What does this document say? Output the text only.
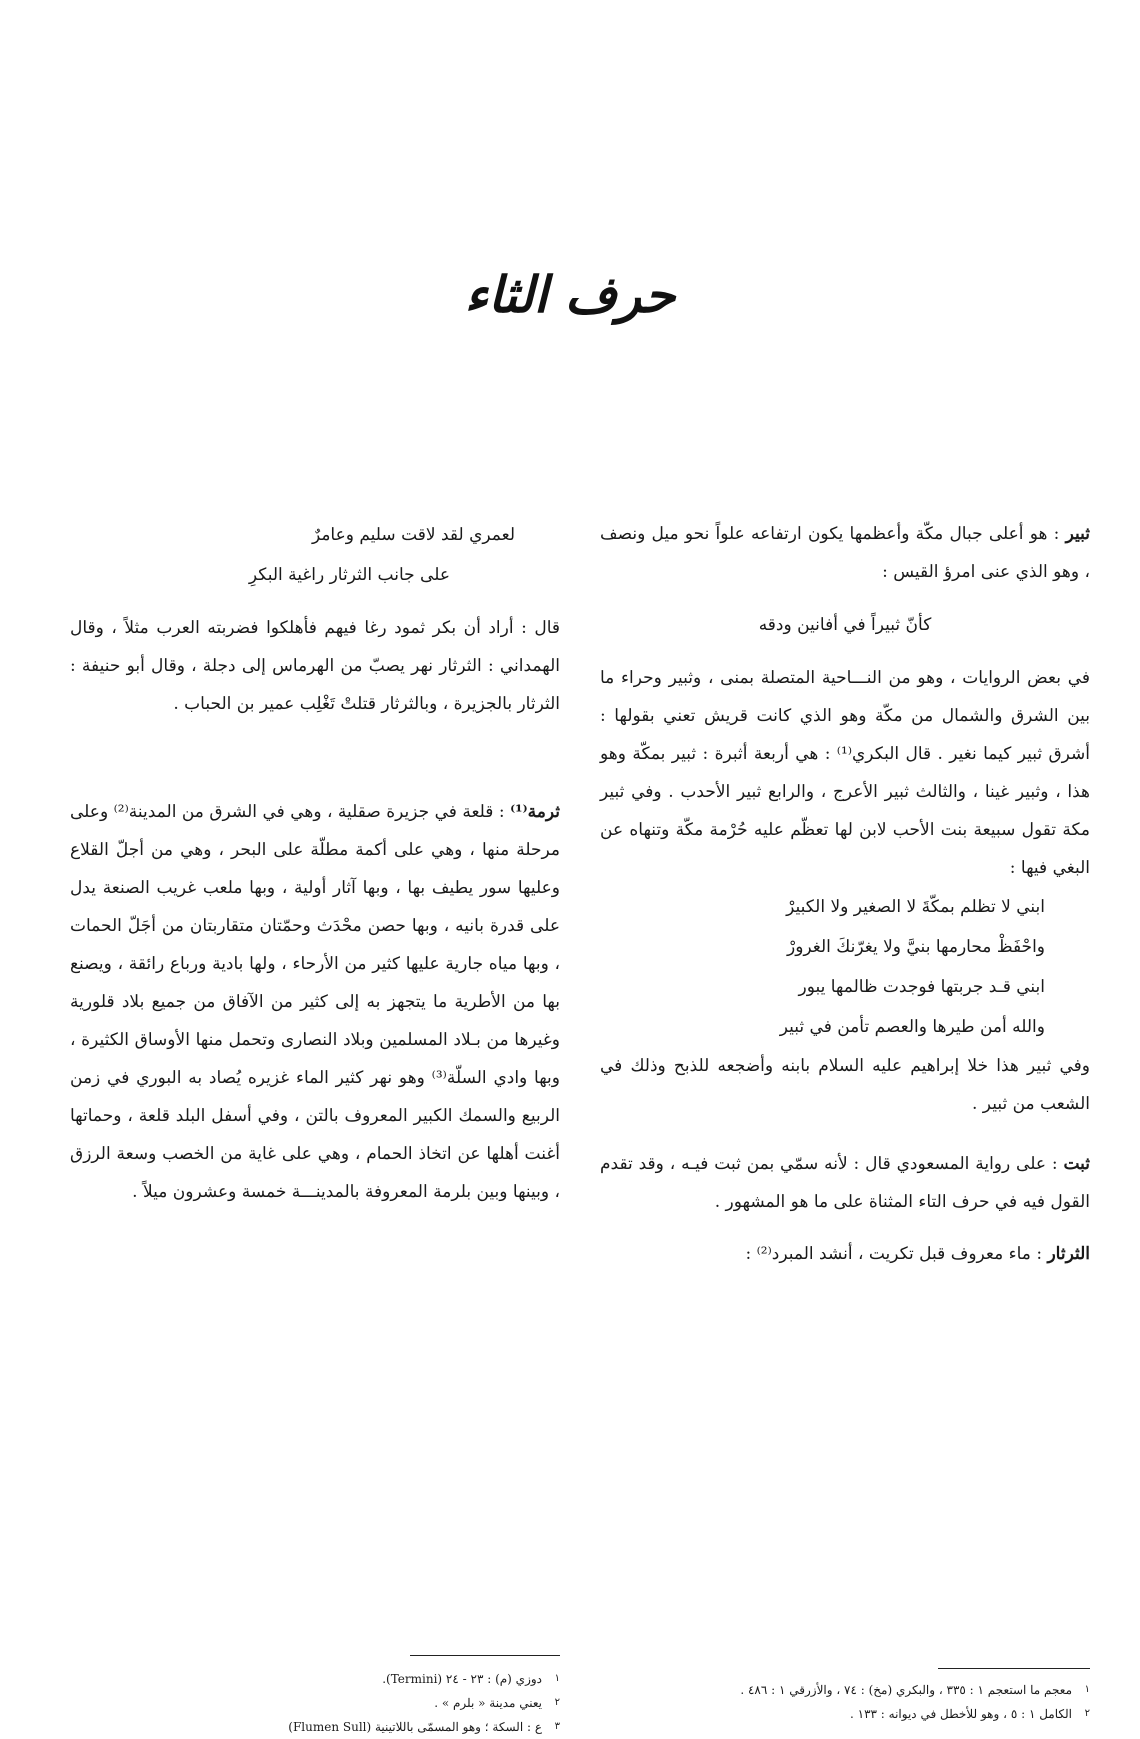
حرف الثاء

ثبير : هو أعلى جبال مكّة وأعظمها يكون ارتفاعه علواً نحو ميل ونصف ، وهو الذي عنى امرؤ القيس :

كأنّ ثبيراً في أفانين ودقه

في بعض الروايات ، وهو من النـــاحية المتصلة بمنى ، وثبير وحراء ما بين الشرق والشمال من مكّة وهو الذي كانت قريش تعني بقولها : أشرق ثبير كيما نغير . قال البكري⁽¹⁾ : هي أربعة أثبرة : ثبير بمكّة وهو هذا ، وثبير غينا ، والثالث ثبير الأعرج ، والرابع ثبير الأحدب . وفي ثبير مكة تقول سبيعة بنت الأحب لابن لها تعظّم عليه حُرْمة مكّة وتنهاه عن البغي فيها :

ابني لا تظلم بمكّةَ لا الصغير ولا الكبيرْ

واحْفَظْ محارمها بنيَّ ولا يغرّنكَ الغرورْ

ابني قـد جربتها فوجدت ظالمها يبور

والله أمن طيرها والعصم تأمن في ثبير

وفي ثبير هذا خلا إبراهيم عليه السلام بابنه وأضجعه للذبح وذلك في الشعب من ثبير .

ثبت : على رواية المسعودي قال : لأنه سمّي بمن ثبت فيـه ، وقد تقدم القول فيه في حرف التاء المثناة على ما هو المشهور .

الثرثار : ماء معروف قبل تكريت ، أنشد المبرد⁽²⁾ :

لعمري لقد لاقت سليم وعامرٌ

على جانب الثرثار راغية البكرِ

قال : أراد أن بكر ثمود رغا فيهم فأهلكوا فضربته العرب مثلاً ، وقال الهمداني : الثرثار نهر يصبّ من الهرماس إلى دجلة ، وقال أبو حنيفة : الثرثار بالجزيرة ، وبالثرثار قتلتْ تَغْلِب عمير بن الحباب .

ثرمة⁽¹⁾ : قلعة في جزيرة صقلية ، وهي في الشرق من المدينة⁽²⁾ وعلى مرحلة منها ، وهي على أكمة مطلّة على البحر ، وهي من أجلّ القلاع وعليها سور يطيف بها ، وبها آثار أولية ، وبها ملعب غريب الصنعة يدل على قدرة بانيه ، وبها حصن محْدَث وحمّتان متقاربتان من أجَلّ الحمات ، وبها مياه جارية عليها كثير من الأرحاء ، ولها بادية ورباع رائقة ، ويصنع بها من الأطرية ما يتجهز به إلى كثير من الآفاق من جميع بلاد قلورية وغيرها من بـلاد المسلمين وبلاد النصارى وتحمل منها الأوساق الكثيرة ، وبها وادي السلّة⁽³⁾ وهو نهر كثير الماء غزيره يُصاد به البوري في زمن الربيع والسمك الكبير المعروف بالتن ، وفي أسفل البلد قلعة ، وحماتها أغنت أهلها عن اتخاذ الحمام ، وهي على غاية من الخصب وسعة الرزق ، وبينها وبين بلرمة المعروفة بالمدينـــة خمسة وعشرون ميلاً .

١معجم ما استعجم ١ : ٣٣٥ ، والبكري (مخ) : ٧٤ ، والأزرقي ١ : ٤٨٦ .
٢الكامل ١ : ٥ ، وهو للأخطل في ديوانه : ١٣٣ .
١دوزي (م) : ٢٣ - ٢٤ (Termini).
٢يعني مدينة « بلرم » .
٣ع : السكة ؛ وهو المسمّى باللاتينية (Flumen Sull)
